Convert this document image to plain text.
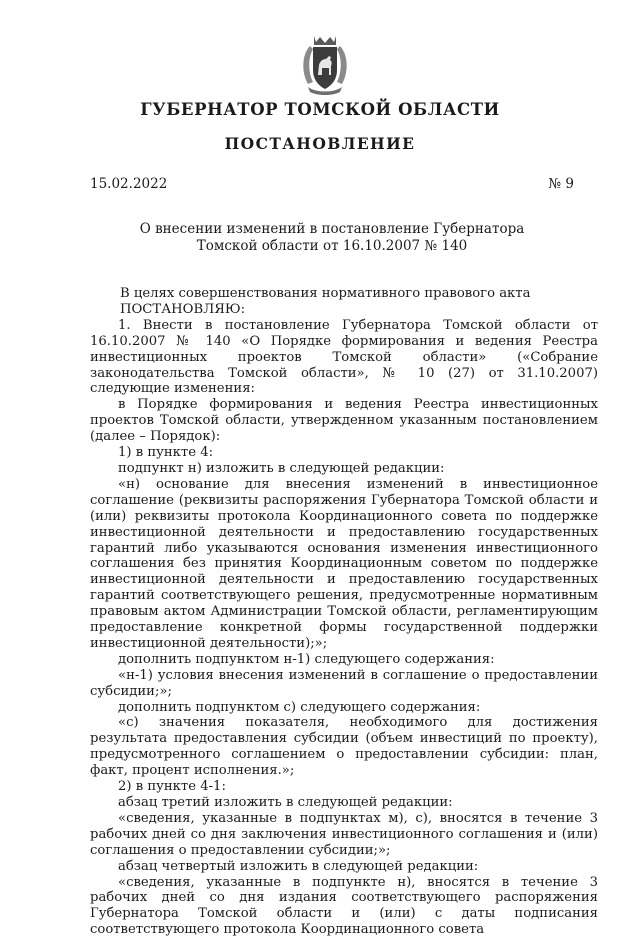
ГУБЕРНАТОР ТОМСКОЙ ОБЛАСТИ
ПОСТАНОВЛЕНИЕ
15.02.2022	№ 9
О внесении изменений в постановление Губернатора
Томской области от 16.10.2007 № 140

В целях совершенствования нормативного правового акта

ПОСТАНОВЛЯЮ:

1. Внести в постановление Губернатора Томской области от 16.10.2007 № 140 «О Порядке формирования и ведения Реестра инвестиционных проектов Томской области» («Собрание законодательства Томской области», № 10 (27) от 31.10.2007) следующие изменения:

в Порядке формирования и ведения Реестра инвестиционных проектов Томской области, утвержденном указанным постановлением (далее – Порядок):

1) в пункте 4:

подпункт н) изложить в следующей редакции:

«н) основание для внесения изменений в инвестиционное соглашение (реквизиты распоряжения Губернатора Томской области и (или) реквизиты протокола Координационного совета по поддержке инвестиционной деятельности и предоставлению государственных гарантий либо указываются основания изменения инвестиционного соглашения без принятия Координационным советом по поддержке инвестиционной деятельности и предоставлению государственных гарантий соответствующего решения, предусмотренные нормативным правовым актом Администрации Томской области, регламентирующим предоставление конкретной формы государственной поддержки инвестиционной деятельности);»;

дополнить подпунктом н-1) следующего содержания:

«н-1) условия внесения изменений в соглашение о предоставлении субсидии;»;

дополнить подпунктом с) следующего содержания:

«с) значения показателя, необходимого для достижения результата предоставления субсидии (объем инвестиций по проекту), предусмотренного соглашением о предоставлении субсидии: план, факт, процент исполнения.»;

2) в пункте 4-1:

абзац третий изложить в следующей редакции:

«сведения, указанные в подпунктах м), с), вносятся в течение 3 рабочих дней со дня заключения инвестиционного соглашения и (или) соглашения о предоставлении субсидии;»;

абзац четвертый изложить в следующей редакции:

«сведения, указанные в подпункте н), вносятся в течение 3 рабочих дней со дня издания соответствующего распоряжения Губернатора Томской области и (или) с даты подписания соответствующего протокола Координационного совета
